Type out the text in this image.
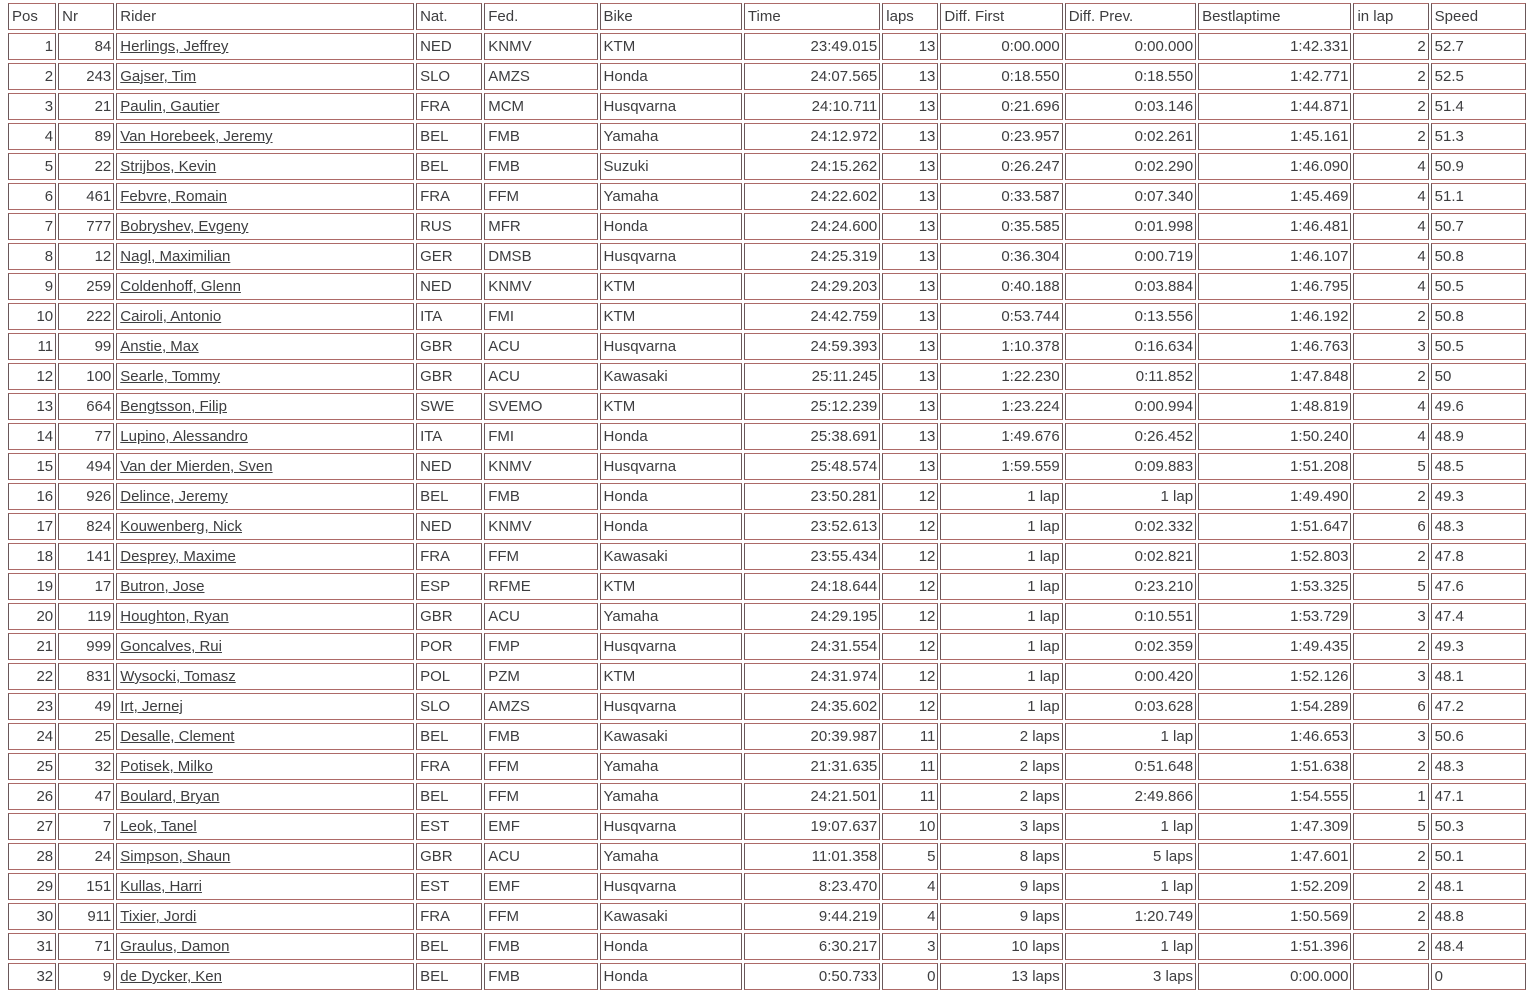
Pos	Nr	Rider	Nat.	Fed.	Bike	Time	laps	Diff. First	Diff. Prev.	Bestlaptime	in lap	Speed
1	84	Herlings, Jeffrey	NED	KNMV	KTM	23:49.015	13	0:00.000	0:00.000	1:42.331	2	52.7
2	243	Gajser, Tim	SLO	AMZS	Honda	24:07.565	13	0:18.550	0:18.550	1:42.771	2	52.5
3	21	Paulin, Gautier	FRA	MCM	Husqvarna	24:10.711	13	0:21.696	0:03.146	1:44.871	2	51.4
4	89	Van Horebeek, Jeremy	BEL	FMB	Yamaha	24:12.972	13	0:23.957	0:02.261	1:45.161	2	51.3
5	22	Strijbos, Kevin	BEL	FMB	Suzuki	24:15.262	13	0:26.247	0:02.290	1:46.090	4	50.9
6	461	Febvre, Romain	FRA	FFM	Yamaha	24:22.602	13	0:33.587	0:07.340	1:45.469	4	51.1
7	777	Bobryshev, Evgeny	RUS	MFR	Honda	24:24.600	13	0:35.585	0:01.998	1:46.481	4	50.7
8	12	Nagl, Maximilian	GER	DMSB	Husqvarna	24:25.319	13	0:36.304	0:00.719	1:46.107	4	50.8
9	259	Coldenhoff, Glenn	NED	KNMV	KTM	24:29.203	13	0:40.188	0:03.884	1:46.795	4	50.5
10	222	Cairoli, Antonio	ITA	FMI	KTM	24:42.759	13	0:53.744	0:13.556	1:46.192	2	50.8
11	99	Anstie, Max	GBR	ACU	Husqvarna	24:59.393	13	1:10.378	0:16.634	1:46.763	3	50.5
12	100	Searle, Tommy	GBR	ACU	Kawasaki	25:11.245	13	1:22.230	0:11.852	1:47.848	2	50
13	664	Bengtsson, Filip	SWE	SVEMO	KTM	25:12.239	13	1:23.224	0:00.994	1:48.819	4	49.6
14	77	Lupino, Alessandro	ITA	FMI	Honda	25:38.691	13	1:49.676	0:26.452	1:50.240	4	48.9
15	494	Van der Mierden, Sven	NED	KNMV	Husqvarna	25:48.574	13	1:59.559	0:09.883	1:51.208	5	48.5
16	926	Delince, Jeremy	BEL	FMB	Honda	23:50.281	12	1 lap	1 lap	1:49.490	2	49.3
17	824	Kouwenberg, Nick	NED	KNMV	Honda	23:52.613	12	1 lap	0:02.332	1:51.647	6	48.3
18	141	Desprey, Maxime	FRA	FFM	Kawasaki	23:55.434	12	1 lap	0:02.821	1:52.803	2	47.8
19	17	Butron, Jose	ESP	RFME	KTM	24:18.644	12	1 lap	0:23.210	1:53.325	5	47.6
20	119	Houghton, Ryan	GBR	ACU	Yamaha	24:29.195	12	1 lap	0:10.551	1:53.729	3	47.4
21	999	Goncalves, Rui	POR	FMP	Husqvarna	24:31.554	12	1 lap	0:02.359	1:49.435	2	49.3
22	831	Wysocki, Tomasz	POL	PZM	KTM	24:31.974	12	1 lap	0:00.420	1:52.126	3	48.1
23	49	Irt, Jernej	SLO	AMZS	Husqvarna	24:35.602	12	1 lap	0:03.628	1:54.289	6	47.2
24	25	Desalle, Clement	BEL	FMB	Kawasaki	20:39.987	11	2 laps	1 lap	1:46.653	3	50.6
25	32	Potisek, Milko	FRA	FFM	Yamaha	21:31.635	11	2 laps	0:51.648	1:51.638	2	48.3
26	47	Boulard, Bryan	BEL	FFM	Yamaha	24:21.501	11	2 laps	2:49.866	1:54.555	1	47.1
27	7	Leok, Tanel	EST	EMF	Husqvarna	19:07.637	10	3 laps	1 lap	1:47.309	5	50.3
28	24	Simpson, Shaun	GBR	ACU	Yamaha	11:01.358	5	8 laps	5 laps	1:47.601	2	50.1
29	151	Kullas, Harri	EST	EMF	Husqvarna	8:23.470	4	9 laps	1 lap	1:52.209	2	48.1
30	911	Tixier, Jordi	FRA	FFM	Kawasaki	9:44.219	4	9 laps	1:20.749	1:50.569	2	48.8
31	71	Graulus, Damon	BEL	FMB	Honda	6:30.217	3	10 laps	1 lap	1:51.396	2	48.4
32	9	de Dycker, Ken	BEL	FMB	Honda	0:50.733	0	13 laps	3 laps	0:00.000		0
